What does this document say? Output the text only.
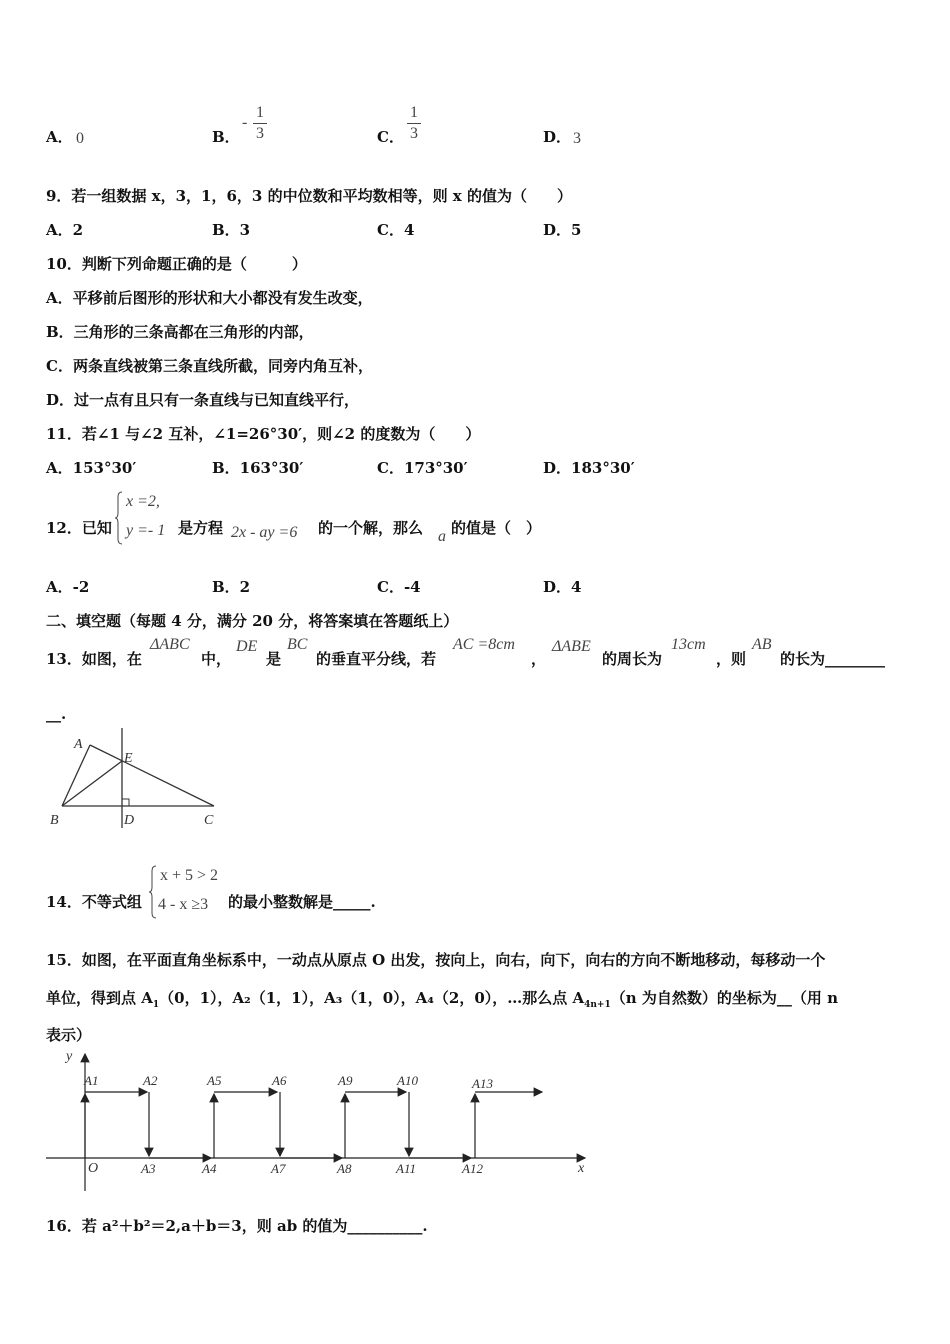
A． 0	B．
-
1
3	C．
1
3	D． 3
9．若一组数据 x，3，1，6，3 的中位数和平均数相等，则 x 的值为（　　）
A．2	B．3	C．4	D．5
10．判断下列命题正确的是（　　　）
A．平移前后图形的形状和大小都没有发生改变，
B．三角形的三条高都在三角形的内部，
C．两条直线被第三条直线所截，同旁内角互补，
D．过一点有且只有一条直线与已知直线平行，
11．若∠1 与∠2 互补，∠1=26°30′，则∠2 的度数为（　　）
A．153°30′	B．163°30′	C．173°30′	D．183°30′
12．已知
x =2,
y =- 1 是方程 2x - ay =6 的一个解，那么 a 的值是（　）
A．-2	B．2	C．-4	D．4
二、填空题（每题 4 分，满分 20 分，将答案填在答题纸上）
13．如图，在
ΔABC
中，
DE
是
BC
的垂直平分线，若
AC =8cm
，
ΔABE
的周长为
13cm
，则
AB
的长为________
__.
A
E
B	D	C
14．不等式组
x + 5 > 2
4 - x ≥3 的最小整数解是_____.
15．如图，在平面直角坐标系中，一动点从原点 O 出发，按向上，向右，向下，向右的方向不断地移动，每移动一个
单位，得到点 $A_1(0$，1），A₂（1，1），A₃（1，0），A₄（2，0），…那么点 $A_{4n+1}(n$ 为自然数）的坐标为__（用 n
表示）
y
x
O
A1	A2	A5	A6	A9	A10	A13
A3	A4	A7	A8	A11	A12
16．若 a²＋b²＝2,a＋b＝3，则 ab 的值为__________.
